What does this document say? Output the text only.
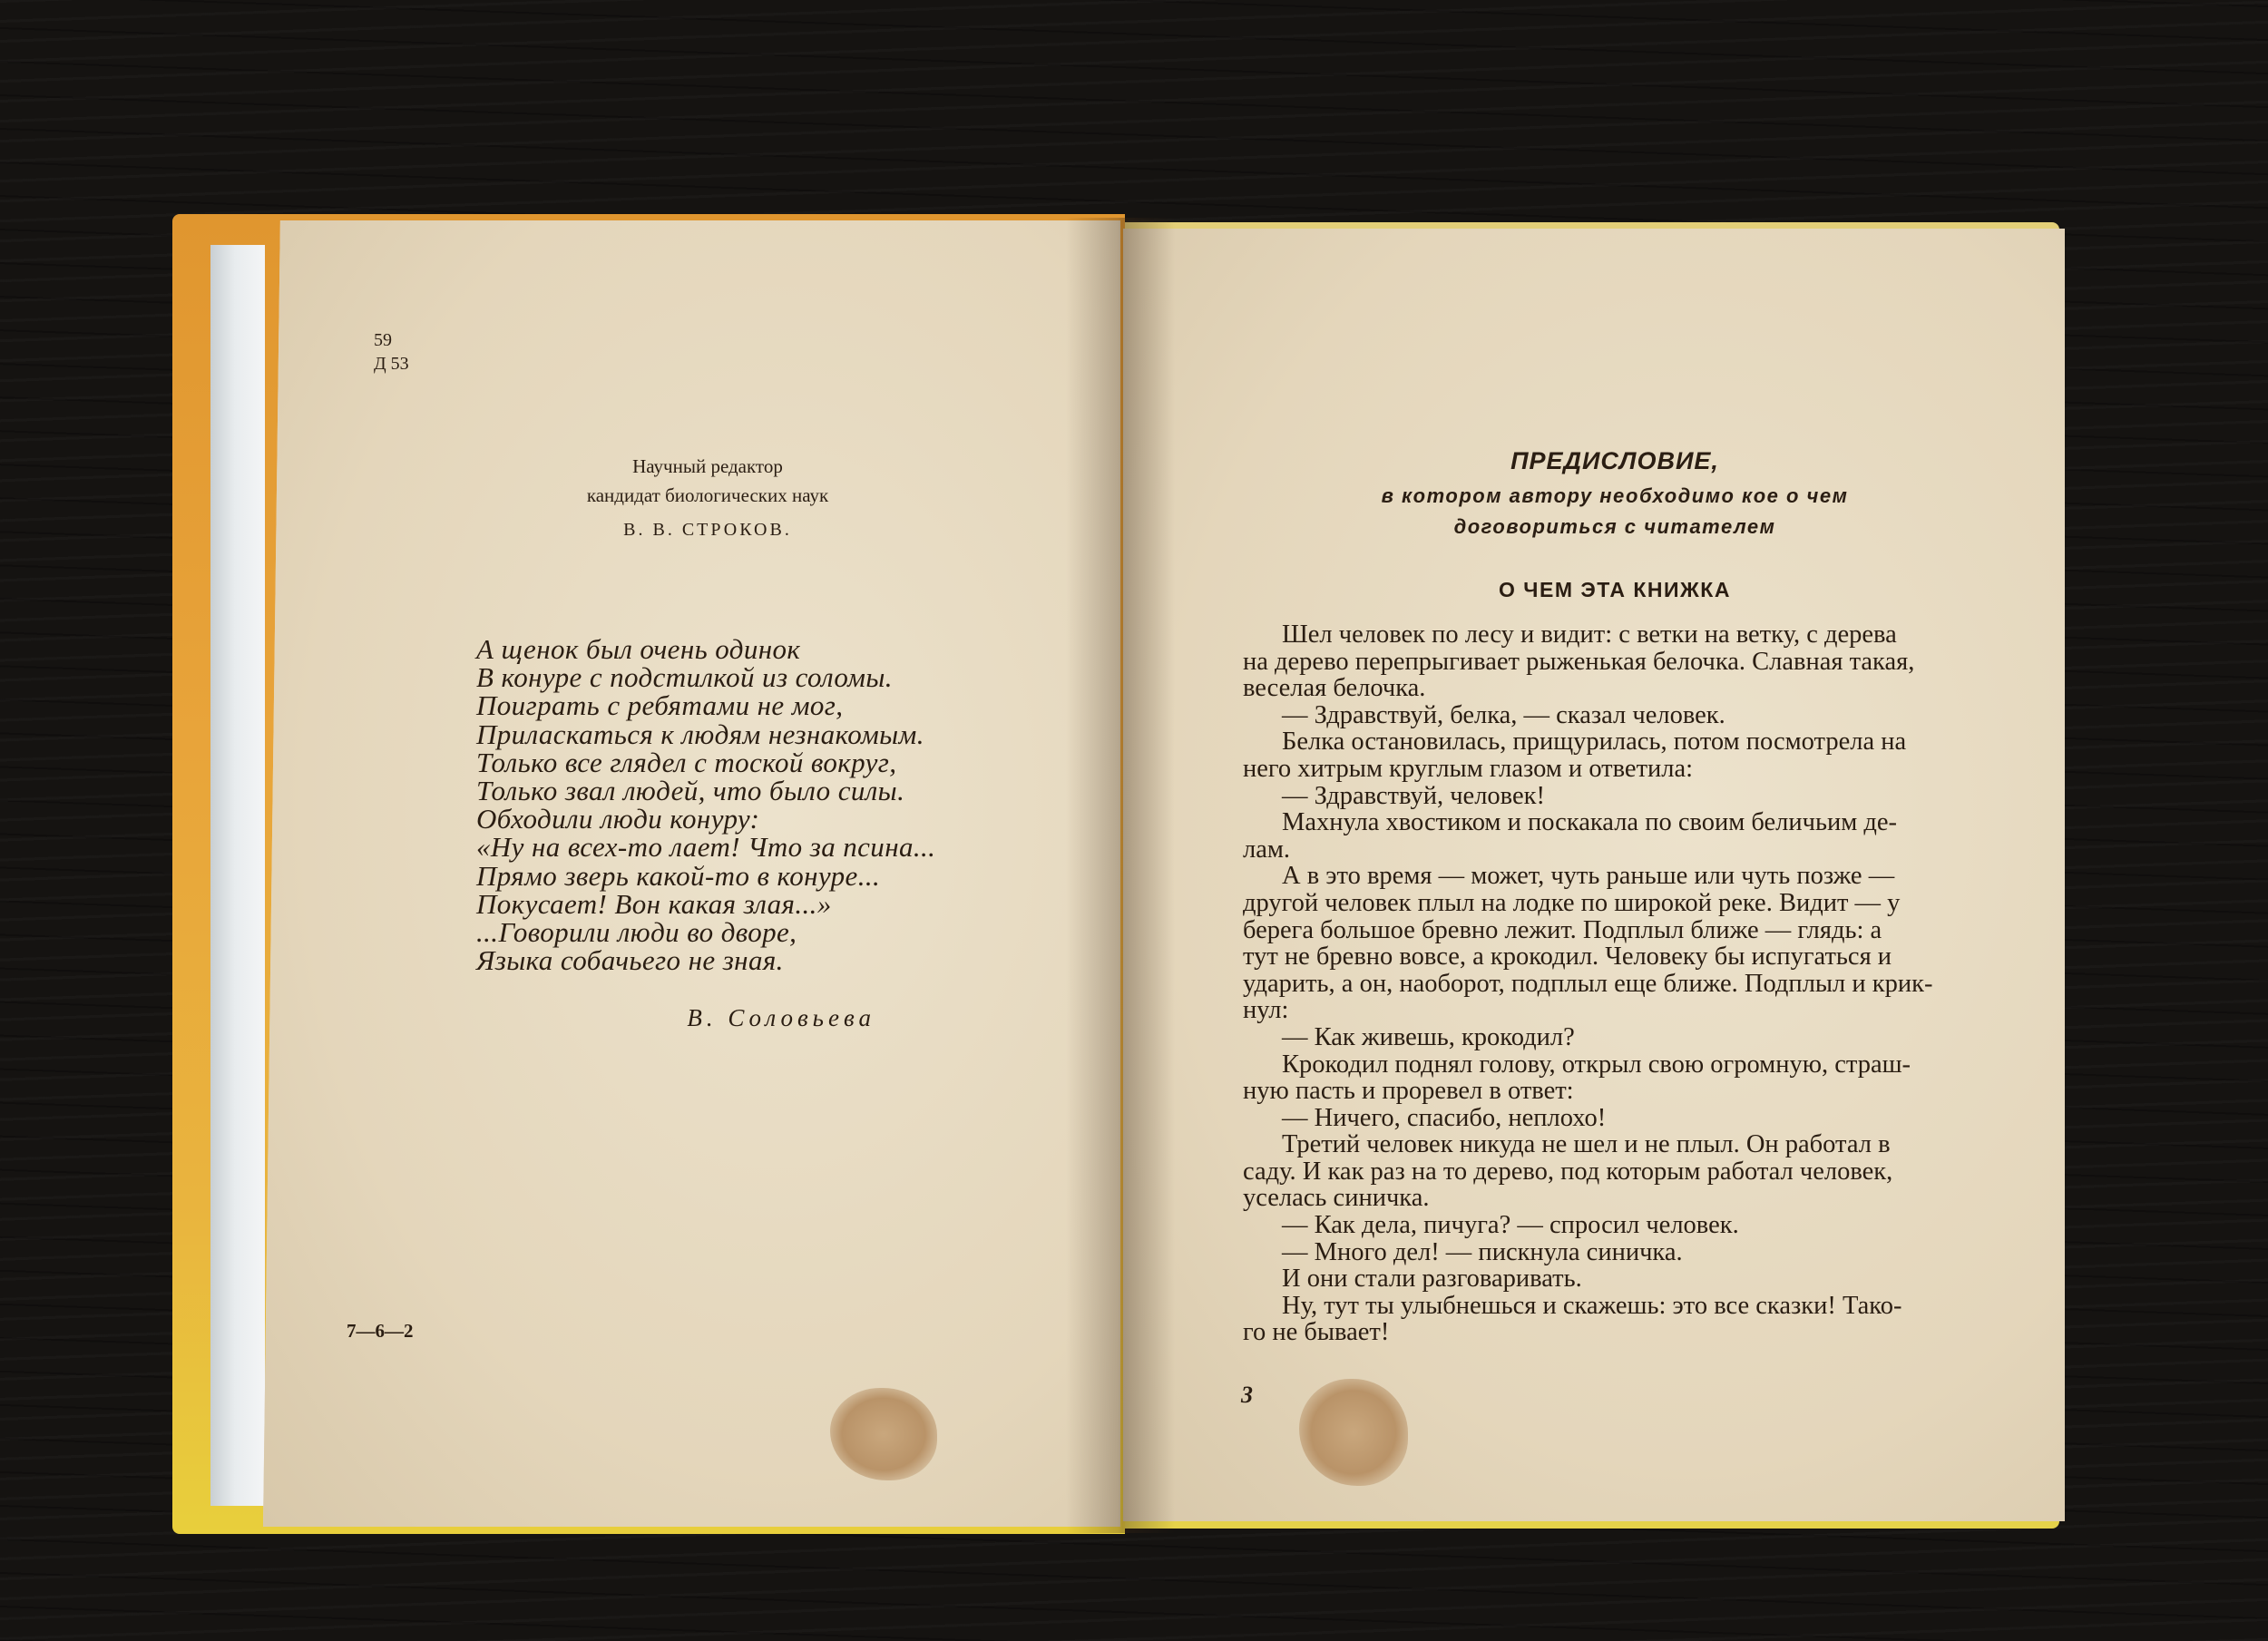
59
Д 53
Научный редактор
кандидат биологических наук
В. В. СТРОКОВ.
А щенок был очень одинок
В конуре с подстилкой из соломы.
Поиграть с ребятами не мог,
Приласкаться к людям незнакомым.
Только все глядел с тоской вокруг,
Только звал людей, что было силы.
Обходили люди конуру:
«Ну на всех-то лает! Что за псина...
Прямо зверь какой-то в конуре...
Покусает! Вон какая злая...»
...Говорили люди во дворе,
Языка собачьего не зная.
В. Соловьева
7—6—2
ПРЕДИСЛОВИЕ,
в котором автору необходимо кое о чем
договориться с читателем
О ЧЕМ ЭТА КНИЖКА
Шел человек по лесу и видит: с ветки на ветку, с дерева
на дерево перепрыгивает рыженькая белочка. Славная такая,
веселая белочка.
— Здравствуй, белка, — сказал человек.
Белка остановилась, прищурилась, потом посмотрела на
него хитрым круглым глазом и ответила:
— Здравствуй, человек!
Махнула хвостиком и поскакала по своим беличьим де-
лам.
А в это время — может, чуть раньше или чуть позже —
другой человек плыл на лодке по широкой реке. Видит — у
берега большое бревно лежит. Подплыл ближе — глядь: а
тут не бревно вовсе, а крокодил. Человеку бы испугаться и
ударить, а он, наоборот, подплыл еще ближе. Подплыл и крик-
нул:
— Как живешь, крокодил?
Крокодил поднял голову, открыл свою огромную, страш-
ную пасть и проревел в ответ:
— Ничего, спасибо, неплохо!
Третий человек никуда не шел и не плыл. Он работал в
саду. И как раз на то дерево, под которым работал человек,
уселась синичка.
— Как дела, пичуга? — спросил человек.
— Много дел! — пискнула синичка.
И они стали разговаривать.
Ну, тут ты улыбнешься и скажешь: это все сказки! Тако-
го не бывает!
3
